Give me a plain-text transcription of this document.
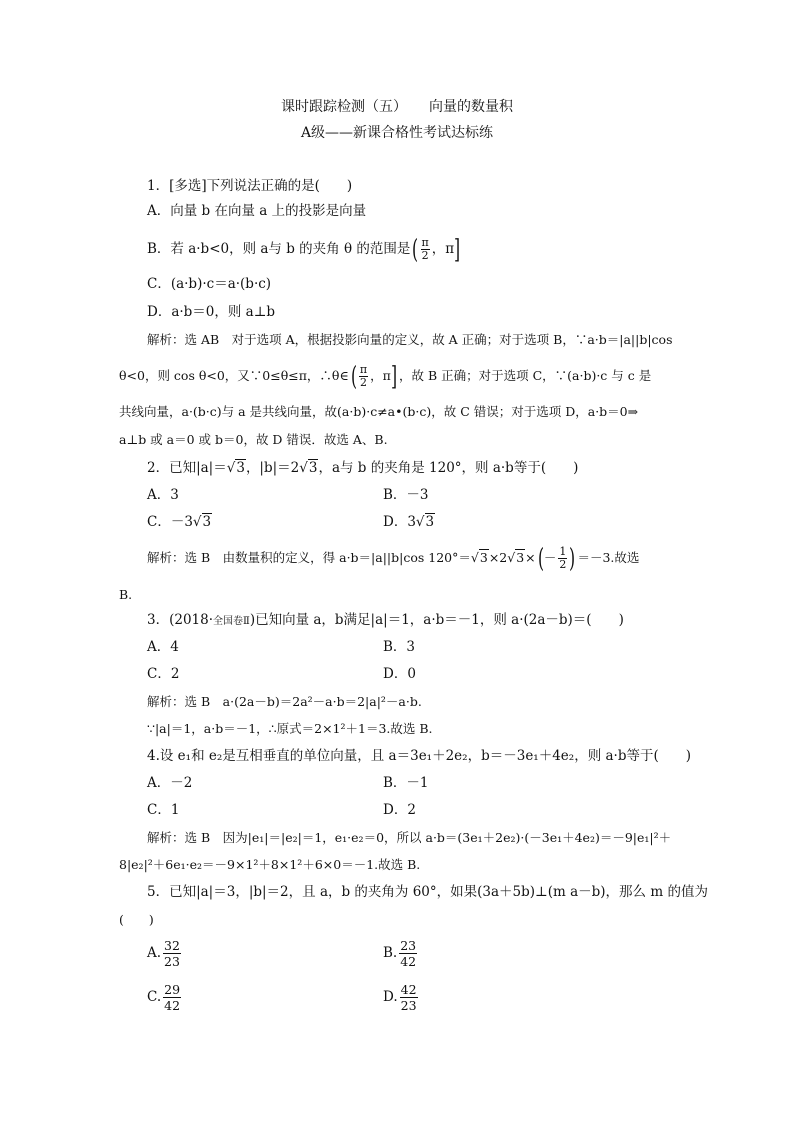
课时跟踪检测（五） 向量的数量积
A级——新课合格性考试达标练
1．[多选]下列说法正确的是(　　)
A．向量 b 在向量 a 上的投影是向量
B．若 a·b<0，则 a与 b 的夹角 θ 的范围是( $\frac{\pi}{2}$ ，π]
C．(a·b)·c＝a·(b·c)
D．a·b＝0，则 a⊥b
解析：选 AB　对于选项 A，根据投影向量的定义，故 A 正确；对于选项 B，∵a·b＝|a||b|cos
θ<0，则 cos θ<0，又∵0≤θ≤π，∴θ∈( $\frac{\pi}{2}$ ，π] ，故 B 正确；对于选项 C，∵(a·b)·c 与 c 是
共线向量，a·(b·c)与 a 是共线向量，故(a·b)·c≠a•(b·c)，故 C 错误；对于选项 D，a·b＝0⇒
a⊥b 或 a＝0 或 b＝0，故 D 错误．故选 A、B.
2．已知|a|＝√3，|b|＝2√3，a与 b 的夹角是 120°，则 a·b等于(　　)
A．3	B．－3
C．－3√3	D．3√3
解析：选 B　由数量积的定义，得 a·b＝|a||b|cos $120^\circ=√3\times 2√3\times(- \frac{1}{2}$ ) ＝－3.故选
B.
3．(2018·全国卷Ⅱ)已知向量 a，b满足|a|＝1，a·b＝－1，则 a·(2a－b)＝(　　)
A．4	B．3
C．2	D．0
解析：选 B　a·(2a－b)＝2a²－a·b＝2|a|²－a·b.
∵|a|＝1，a·b＝－1，∴原式＝2×1²＋1＝3.故选 B.
4.设 e₁和 e₂是互相垂直的单位向量，且 a＝3e₁＋2e₂，b＝－3e₁＋4e₂，则 a·b等于(　　)
A．－2	B．－1
C．1	D．2
解析：选 B　因为|e₁|＝|e₂|＝1，e₁·e₂＝0，所以 a·b＝(3e₁＋2e₂)·(－3e₁＋4e₂)＝－9|e₁|²＋
8|e₂|²＋6e₁·e₂＝－9×1²＋8×1²＋6×0＝－1.故选 B.
5．已知|a|＝3，|b|＝2，且 a，b 的夹角为 60°，如果(3a＋5b)⊥(m a－b)，那么 m 的值为
(　　)
A. $\frac{32}{23}$	B. $\frac{23}{42}$
C. $\frac{29}{42}$	D. $\frac{42}{23}$
